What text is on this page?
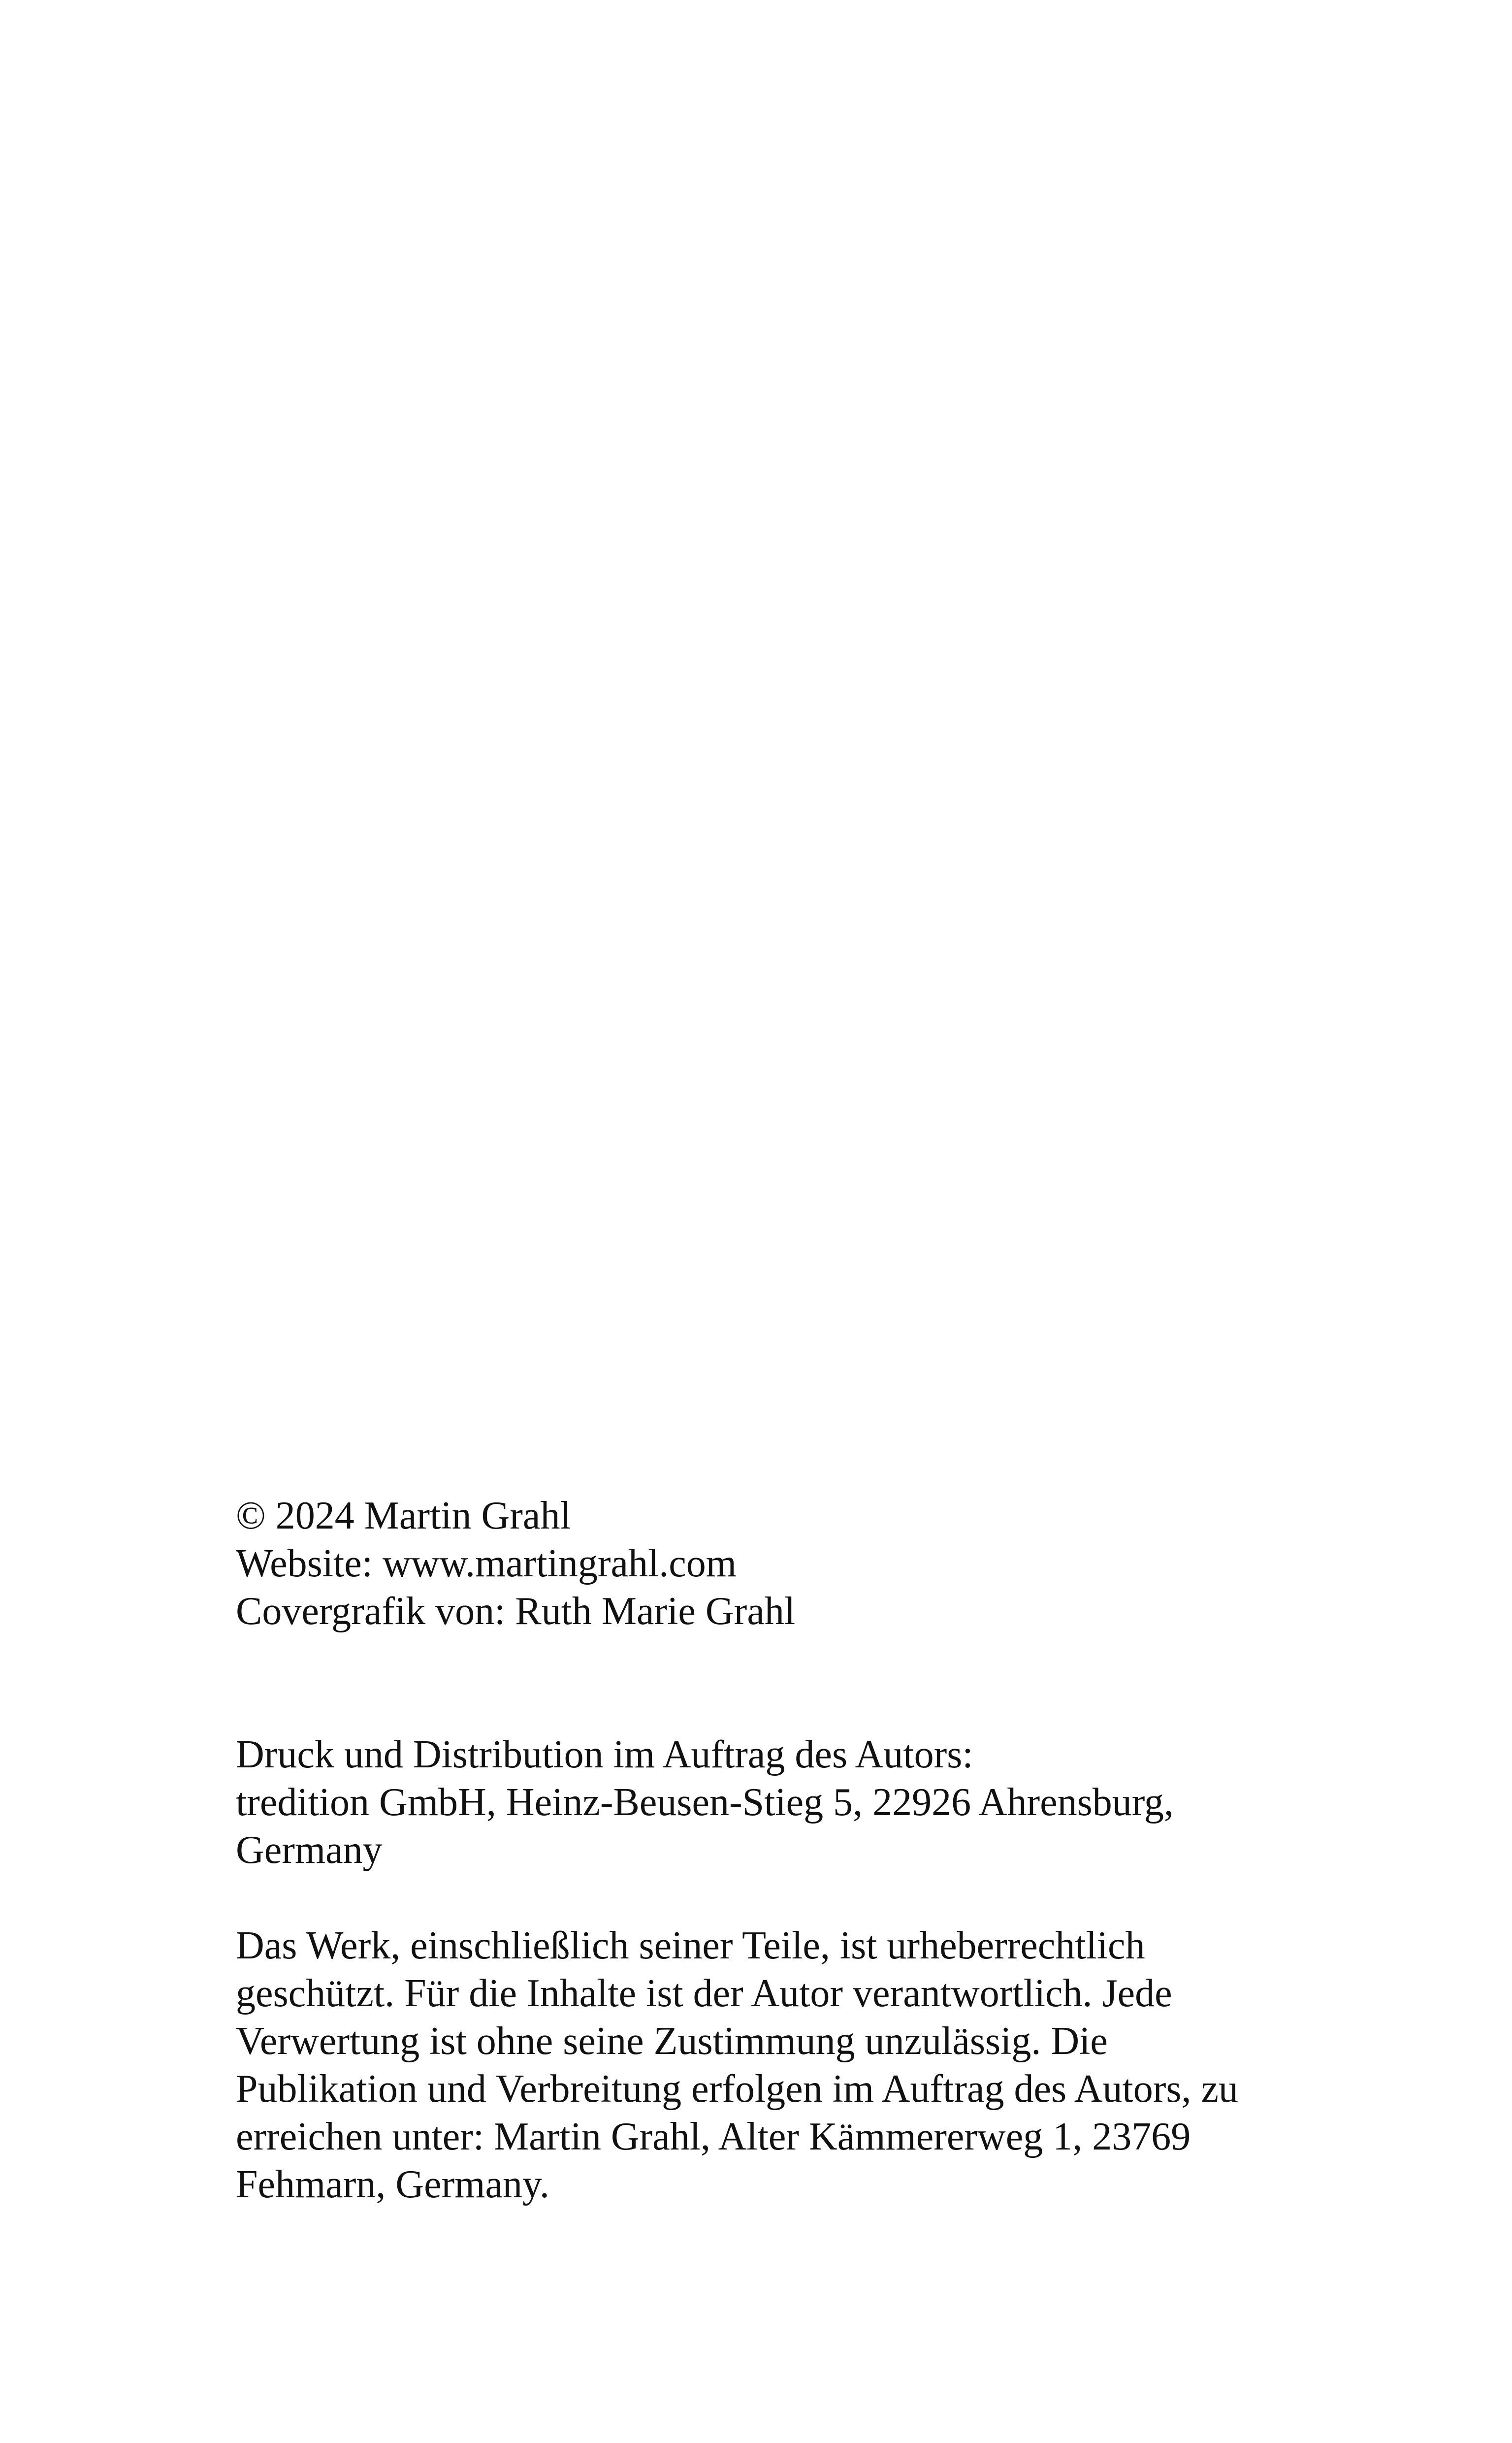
© 2024 Martin Grahl
Website: www.martingrahl.com
Covergrafik von: Ruth Marie Grahl
Druck und Distribution im Auftrag des Autors:
tredition GmbH, Heinz-Beusen-Stieg 5, 22926 Ahrensburg,
Germany
Das Werk, einschließlich seiner Teile, ist urheberrechtlich
geschützt. Für die Inhalte ist der Autor verantwortlich. Jede
Verwertung ist ohne seine Zustimmung unzulässig. Die
Publikation und Verbreitung erfolgen im Auftrag des Autors, zu
erreichen unter: Martin Grahl, Alter Kämmererweg 1, 23769
Fehmarn, Germany.
